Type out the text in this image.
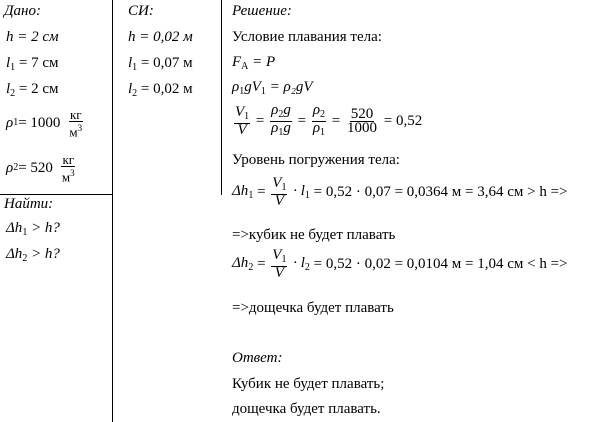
Дано:
h = 2 см
$l_1 = 7$ см
$l_2 = 2$ см
ρ $1 = 1000 \frac{кг}{м^3}$
ρ $2 = 520 \frac{кг}{м^3}$
Найти:
$\Delta h_1 > h$?
$\Delta h_2 > h$?
СИ:
h = 0,02 м
$l_1 = 0,07$ м
$l_2 = 0,02$ м
Решение:
Условие плавания тела:
$F_A = P$
$\rho_1gV_1 = \rho_2gV$
$\frac{V_1}{V} = \frac{\rho_2g}{\rho_1g} = \frac{\rho_2}{\rho_1} = \frac{520}{1000}$
= 0,52
Уровень погружения тела:
$\Delta h_1 = \frac{V_1}{V} \cdot l_1 = 0,52 \cdot 0,07 = 0,0364$ м = 3,64 см > h =>
=>кубик не будет плавать
$\Delta h_2 = \frac{V_1}{V} \cdot l_2 = 0,52 \cdot 0,02 = 0,0104$ м = 1,04 см < h =>
=>дощечка будет плавать
Ответ:
Кубик не будет плавать;
дощечка будет плавать.
